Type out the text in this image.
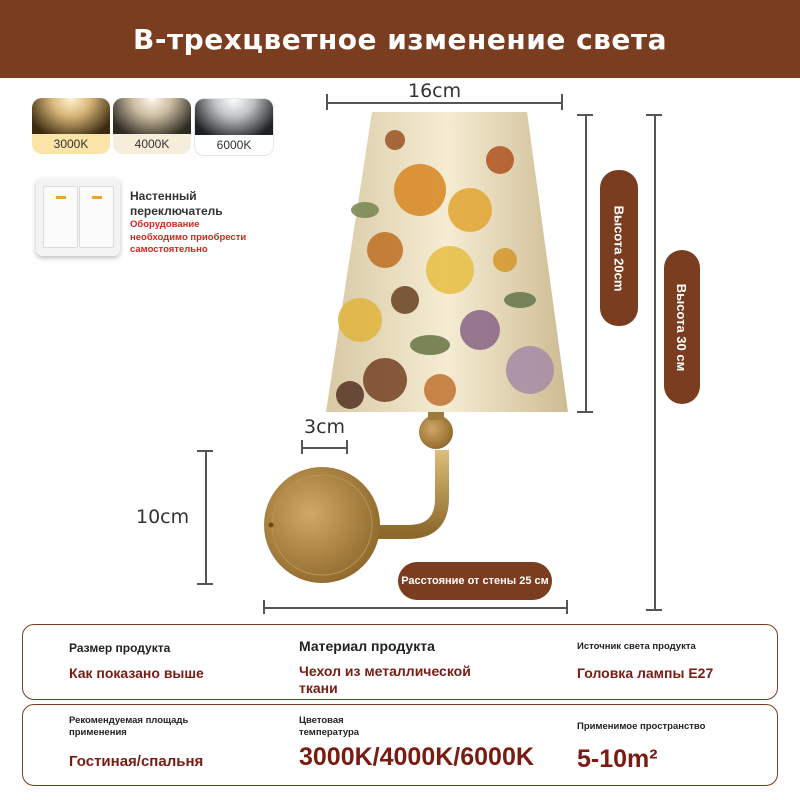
В-трехцветное изменение света
3000K	4000K	6000K
Настенный переключатель
Оборудование необходимо приобрести самостоятельно
16cm
Высота 20cm
Высота 30 см
3cm
10cm
Расстояние от стены 25 см
Размер продукта
Как показано выше
Материал продукта
Чехол из металлической ткани
Источник света продукта
Головка лампы E27
Рекомендуемая площадь применения
Гостиная/спальня
Цветовая температура
3000K/4000K/6000K
Применимое пространство
5-10m²
